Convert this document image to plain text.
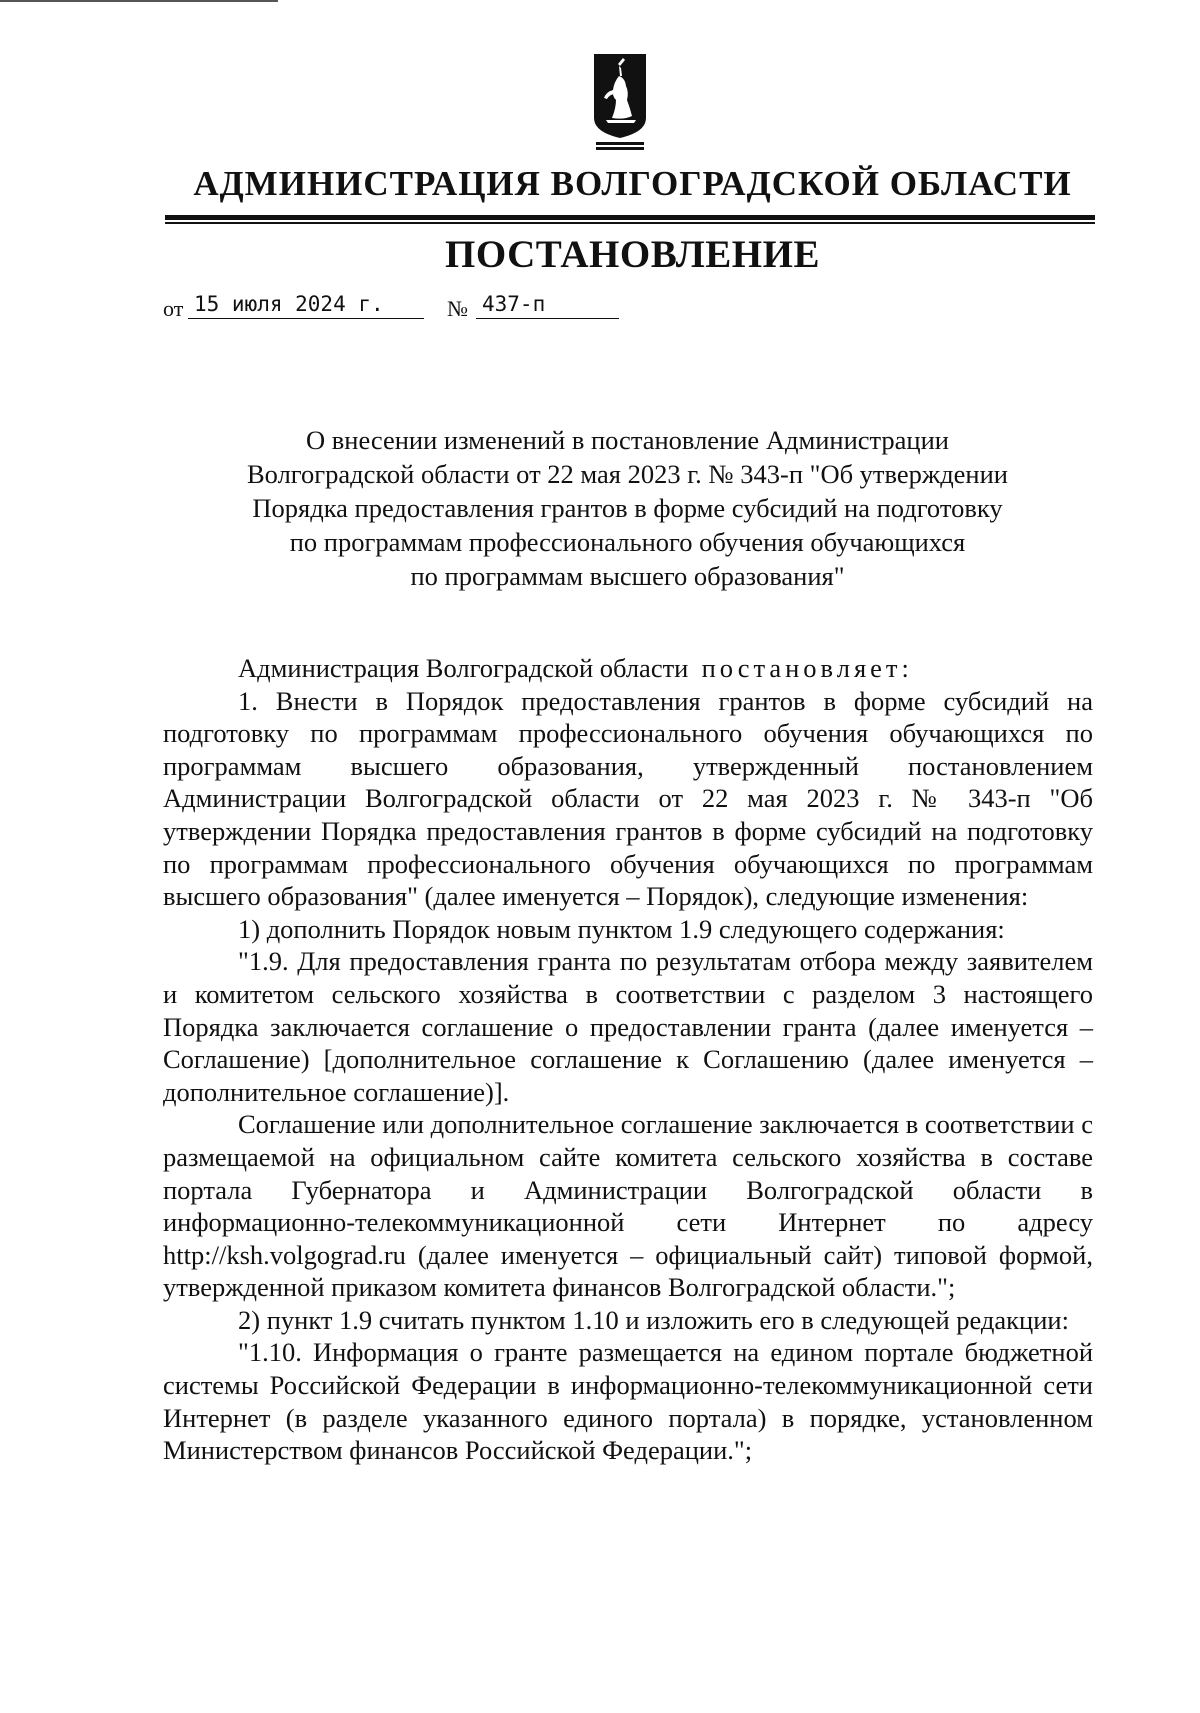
АДМИНИСТРАЦИЯ ВОЛГОГРАДСКОЙ ОБЛАСТИ
ПОСТАНОВЛЕНИЕ
от 15 июля 2024 г.	№ 437-п
О внесении изменений в постановление Администрации
Волгоградской области от 22 мая 2023 г. № 343-п "Об утверждении
Порядка предоставления грантов в форме субсидий на подготовку
по программам профессионального обучения обучающихся
по программам высшего образования"

Администрация Волгоградской области постановляет:

1. Внести в Порядок предоставления грантов в форме субсидий на подготовку по программам профессионального обучения обучающихся по программам высшего образования, утвержденный постановлением Администрации Волгоградской области от 22 мая 2023 г. № 343-п "Об утверждении Порядка предоставления грантов в форме субсидий на подготовку по программам профессионального обучения обучающихся по программам высшего образования" (далее именуется – Порядок), следующие изменения:

1) дополнить Порядок новым пунктом 1.9 следующего содержания:

"1.9. Для предоставления гранта по результатам отбора между заявителем и комитетом сельского хозяйства в соответствии с разделом 3 настоящего Порядка заключается соглашение о предоставлении гранта (далее именуется – Соглашение) [дополнительное соглашение к Соглашению (далее именуется – дополнительное соглашение)].

Соглашение или дополнительное соглашение заключается в соответствии с размещаемой на официальном сайте комитета сельского хозяйства в составе портала Губернатора и Администрации Волгоградской области в информационно-телекоммуникационной сети Интернет по адресу http://ksh.volgograd.ru (далее именуется – официальный сайт) типовой формой, утвержденной приказом комитета финансов Волгоградской области.";

2) пункт 1.9 считать пунктом 1.10 и изложить его в следующей редакции:

"1.10. Информация о гранте размещается на едином портале бюджетной системы Российской Федерации в информационно-телекоммуникационной сети Интернет (в разделе указанного единого портала) в порядке, установленном Министерством финансов Российской Федерации.";
